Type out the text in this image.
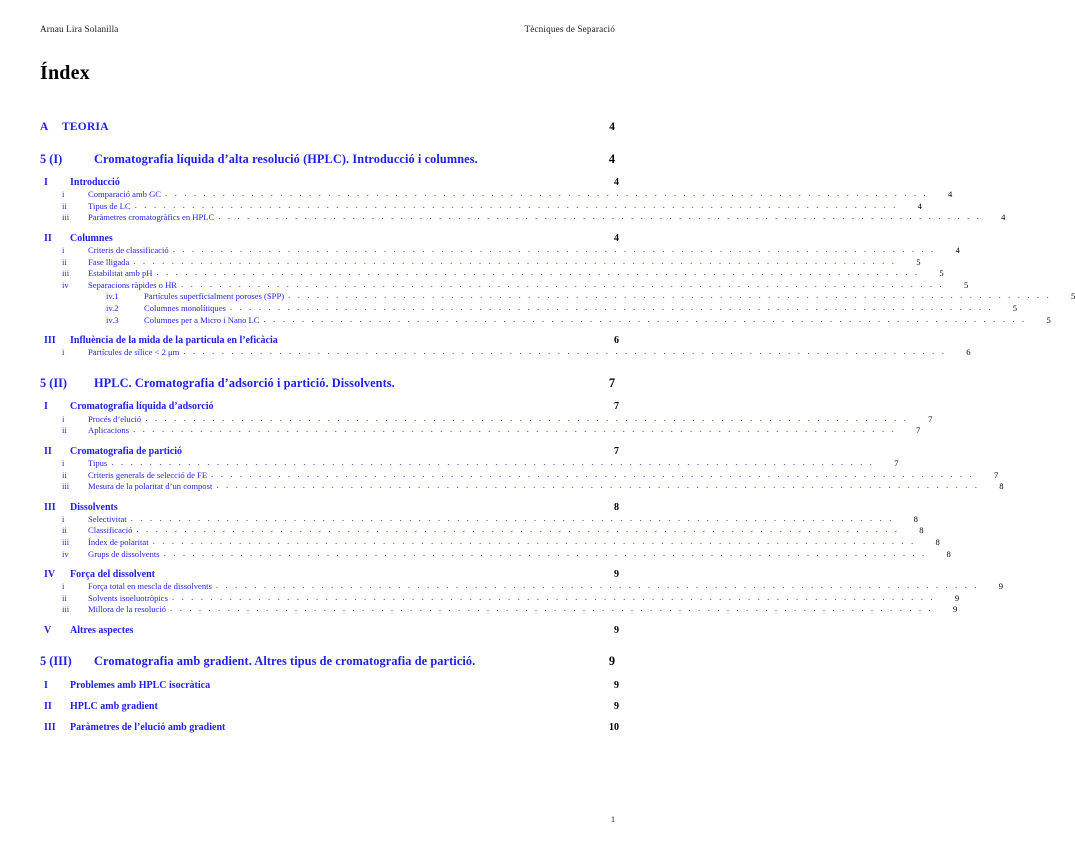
Arnau Lira Solanilla	Tècniques de Separació
Índex
A	TEORIA	4
5 (I)	Cromatografia líquida d’alta resolució (HPLC). Introducció i columnes.	4
I	Introducció	4
i	Comparació amb GC . . .	4
ii	Tipus de LC . . .	4
iii	Paràmetres cromatogràfics en HPLC . . .	4
II	Columnes	4
i	Criteris de classificació . . .	4
ii	Fase lligada . . .	5
iii	Estabilitat amb pH . . .	5
iv	Separacions ràpides o HR . . .	5
iv.1	Partícules superficialment poroses (SPP) . . .	5
iv.2	Columnes monolítiques . . .	5
iv.3	Columnes per a Micro i Nano LC . . .	5
III	Influència de la mida de la particula en l’eficàcia	6
i	Partícules de sílice < 2 μm . . .	6
5 (II)	HPLC. Cromatografia d’adsorció i partició. Dissolvents.	7
I	Cromatografia líquida d’adsorció	7
i	Procés d’elució . . .	7
ii	Aplicacions . . .	7
II	Cromatografia de partició	7
i	Tipus . . .	7
ii	Criteris generals de selecció de FE . . .	7
iii	Mesura de la polaritat d’un compost . . .	8
III	Dissolvents	8
i	Selectivitat . . .	8
ii	Classificació . . .	8
iii	Índex de polaritat . . .	8
iv	Grups de dissolvents . . .	8
IV	Força del dissolvent	9
i	Força total en mescla de dissolvents . . .	9
ii	Solvents isoeluotròpics . . .	9
iii	Millora de la resolució . . .	9
V	Altres aspectes	9
5 (III)	Cromatografia amb gradient. Altres tipus de cromatografia de partició.	9
I	Problemes amb HPLC isocràtica	9
II	HPLC amb gradient	9
III	Paràmetres de l’elució amb gradient	10
1
